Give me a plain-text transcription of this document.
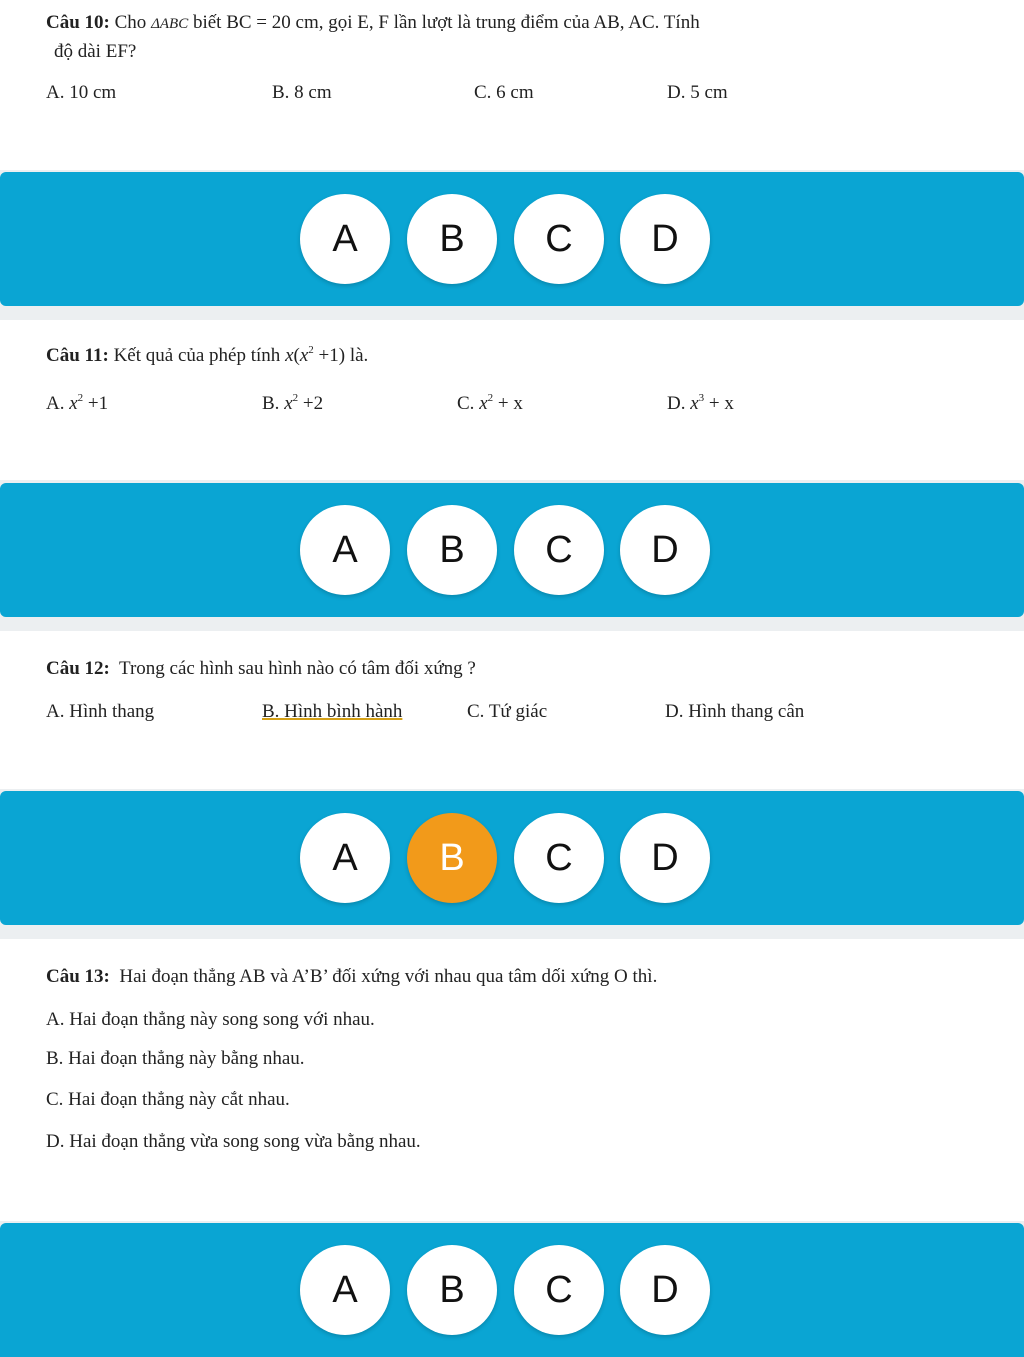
Câu 10: Cho ΔABC biết BC = 20 cm, gọi E, F lần lượt là trung điểm của AB, AC. Tính
độ dài EF?
A. 10 cm	B. 8 cm	C. 6 cm	D. 5 cm
A	B	C	D
Câu 11: Kết quả của phép tính $x(x^2 +1)$ là.
A. $x^2 +1$	B. $x^2 +2$	C. $x^2 + x$	D. $x^3 + x$
A	B	C	D
Câu 12: Trong các hình sau hình nào có tâm đối xứng ?
A. Hình thang	B. Hình bình hành	C. Tứ giác	D. Hình thang cân
A	B	C	D
Câu 13: Hai đoạn thẳng AB và A’B’ đối xứng với nhau qua tâm dối xứng O thì.
A. Hai đoạn thẳng này song song với nhau.
B. Hai đoạn thẳng này bằng nhau.
C. Hai đoạn thẳng này cắt nhau.
D. Hai đoạn thẳng vừa song song vừa bằng nhau.
A	B	C	D
